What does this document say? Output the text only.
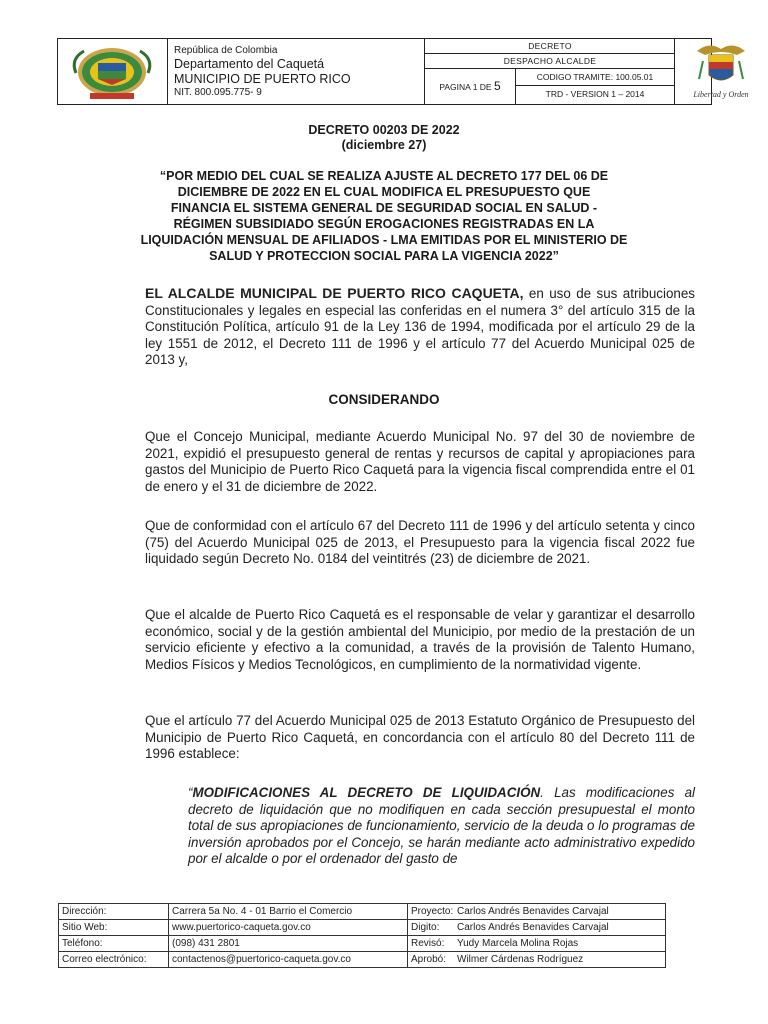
República de Colombia
Departamento del Caquetá
MUNICIPIO DE PUERTO RICO
NIT. 800.095.775- 9
DECRETO
DESPACHO ALCALDE
PAGINA 1 DE 5
CODIGO TRAMITE: 100.05.01
TRD - VERSION 1 – 2014	Libertad y Orden
DECRETO 00203 DE 2022
(diciembre 27)
“POR MEDIO DEL CUAL SE REALIZA AJUSTE AL DECRETO 177 DEL 06 DE
DICIEMBRE DE 2022 EN EL CUAL MODIFICA EL PRESUPUESTO QUE
FINANCIA EL SISTEMA GENERAL DE SEGURIDAD SOCIAL EN SALUD -
RÉGIMEN SUBSIDIADO SEGÚN EROGACIONES REGISTRADAS EN LA
LIQUIDACIÓN MENSUAL DE AFILIADOS - LMA EMITIDAS POR EL MINISTERIO DE
SALUD Y PROTECCION SOCIAL PARA LA VIGENCIA 2022”
EL ALCALDE MUNICIPAL DE PUERTO RICO CAQUETA, en uso de sus atribuciones Constitucionales y legales en especial las conferidas en el numera 3° del artículo 315 de la Constitución Política, artículo 91 de la Ley 136 de 1994, modificada por el artículo 29 de la ley 1551 de 2012, el Decreto 111 de 1996 y el artículo 77 del Acuerdo Municipal 025 de 2013 y,
CONSIDERANDO
Que el Concejo Municipal, mediante Acuerdo Municipal No. 97 del 30 de noviembre de 2021, expidió el presupuesto general de rentas y recursos de capital y apropiaciones para gastos del Municipio de Puerto Rico Caquetá para la vigencia fiscal comprendida entre el 01 de enero y el 31 de diciembre de 2022.
Que de conformidad con el artículo 67 del Decreto 111 de 1996 y del artículo setenta y cinco (75) del Acuerdo Municipal 025 de 2013, el Presupuesto para la vigencia fiscal 2022 fue liquidado según Decreto No. 0184 del veintitrés (23) de diciembre de 2021.
Que el alcalde de Puerto Rico Caquetá es el responsable de velar y garantizar el desarrollo económico, social y de la gestión ambiental del Municipio, por medio de la prestación de un servicio eficiente y efectivo a la comunidad, a través de la provisión de Talento Humano, Medios Físicos y Medios Tecnológicos, en cumplimiento de la normatividad vigente.
Que el artículo 77 del Acuerdo Municipal 025 de 2013 Estatuto Orgánico de Presupuesto del Municipio de Puerto Rico Caquetá, en concordancia con el artículo 80 del Decreto 111 de 1996 establece:
“MODIFICACIONES AL DECRETO DE LIQUIDACIÓN. Las modificaciones al decreto de liquidación que no modifiquen en cada sección presupuestal el monto total de sus apropiaciones de funcionamiento, servicio de la deuda o lo programas de inversión aprobados por el Concejo, se harán mediante acto administrativo expedido por el alcalde o por el ordenador del gasto de
Dirección:	Carrera 5a No. 4 - 01 Barrio el Comercio	Proyecto: Carlos Andrés Benavides Carvajal
Sitio Web:	www.puertorico-caqueta.gov.co	Digito: Carlos Andrés Benavides Carvajal
Teléfono:	(098) 431 2801	Revisó: Yudy Marcela Molina Rojas
Correo electrónico:	contactenos@puertorico-caqueta.gov.co	Aprobó: Wilmer Cárdenas Rodríguez
